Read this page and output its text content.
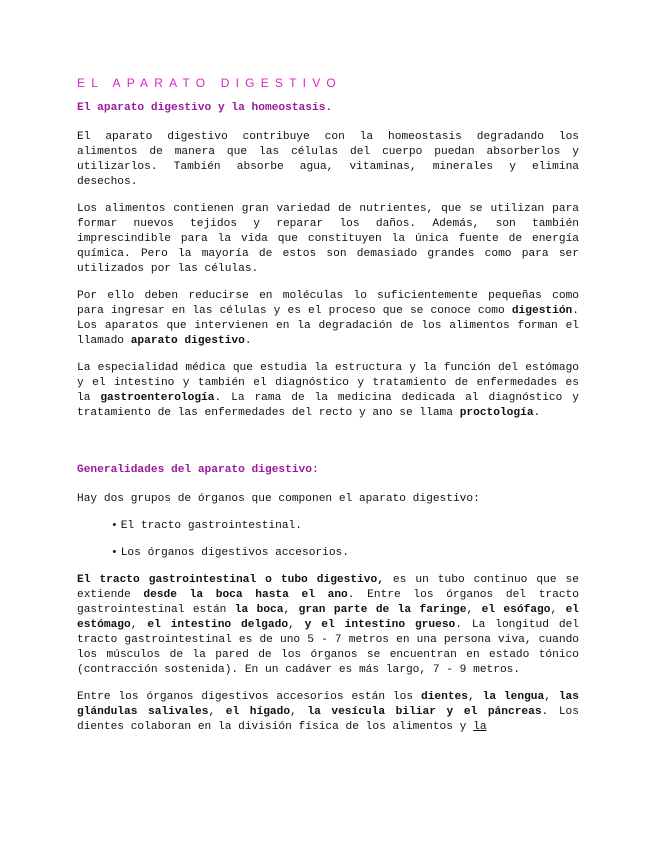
EL APARATO DIGESTIVO
El aparato digestivo y la homeostasis.

El aparato digestivo contribuye con la homeostasis degradando los alimentos de manera que las células del cuerpo puedan absorberlos y utilizarlos. También absorbe agua, vitaminas, minerales y elimina desechos.

Los alimentos contienen gran variedad de nutrientes, que se utilizan para formar nuevos tejidos y reparar los daños. Además, son también imprescindible para la vida que constituyen la única fuente de energía química. Pero la mayoría de estos son demasiado grandes como para ser utilizados por las células.

Por ello deben reducirse en moléculas lo suficientemente pequeñas como para ingresar en las células y es el proceso que se conoce como digestión. Los aparatos que intervienen en la degradación de los alimentos forman el llamado aparato digestivo.

La especialidad médica que estudia la estructura y la función del estómago y el intestino y también el diagnóstico y tratamiento de enfermedades es la gastroenterología. La rama de la medicina dedicada al diagnóstico y tratamiento de las enfermedades del recto y ano se llama proctología.

Generalidades del aparato digestivo:

Hay dos grupos de órganos que componen el aparato digestivo:

• El tracto gastrointestinal.
• Los órganos digestivos accesorios.

El tracto gastrointestinal o tubo digestivo, es un tubo continuo que se extiende desde la boca hasta el ano. Entre los órganos del tracto gastrointestinal están la boca, gran parte de la faringe, el esófago, el estómago, el intestino delgado, y el intestino grueso. La longitud del tracto gastrointestinal es de uno 5 - 7 metros en una persona viva, cuando los músculos de la pared de los órganos se encuentran en estado tónico (contracción sostenida). En un cadáver es más largo, 7 - 9 metros.

Entre los órganos digestivos accesorios están los dientes, la lengua, las glándulas salivales, el hígado, la vesícula biliar y el páncreas. Los dientes colaboran en la división física de los alimentos y la
